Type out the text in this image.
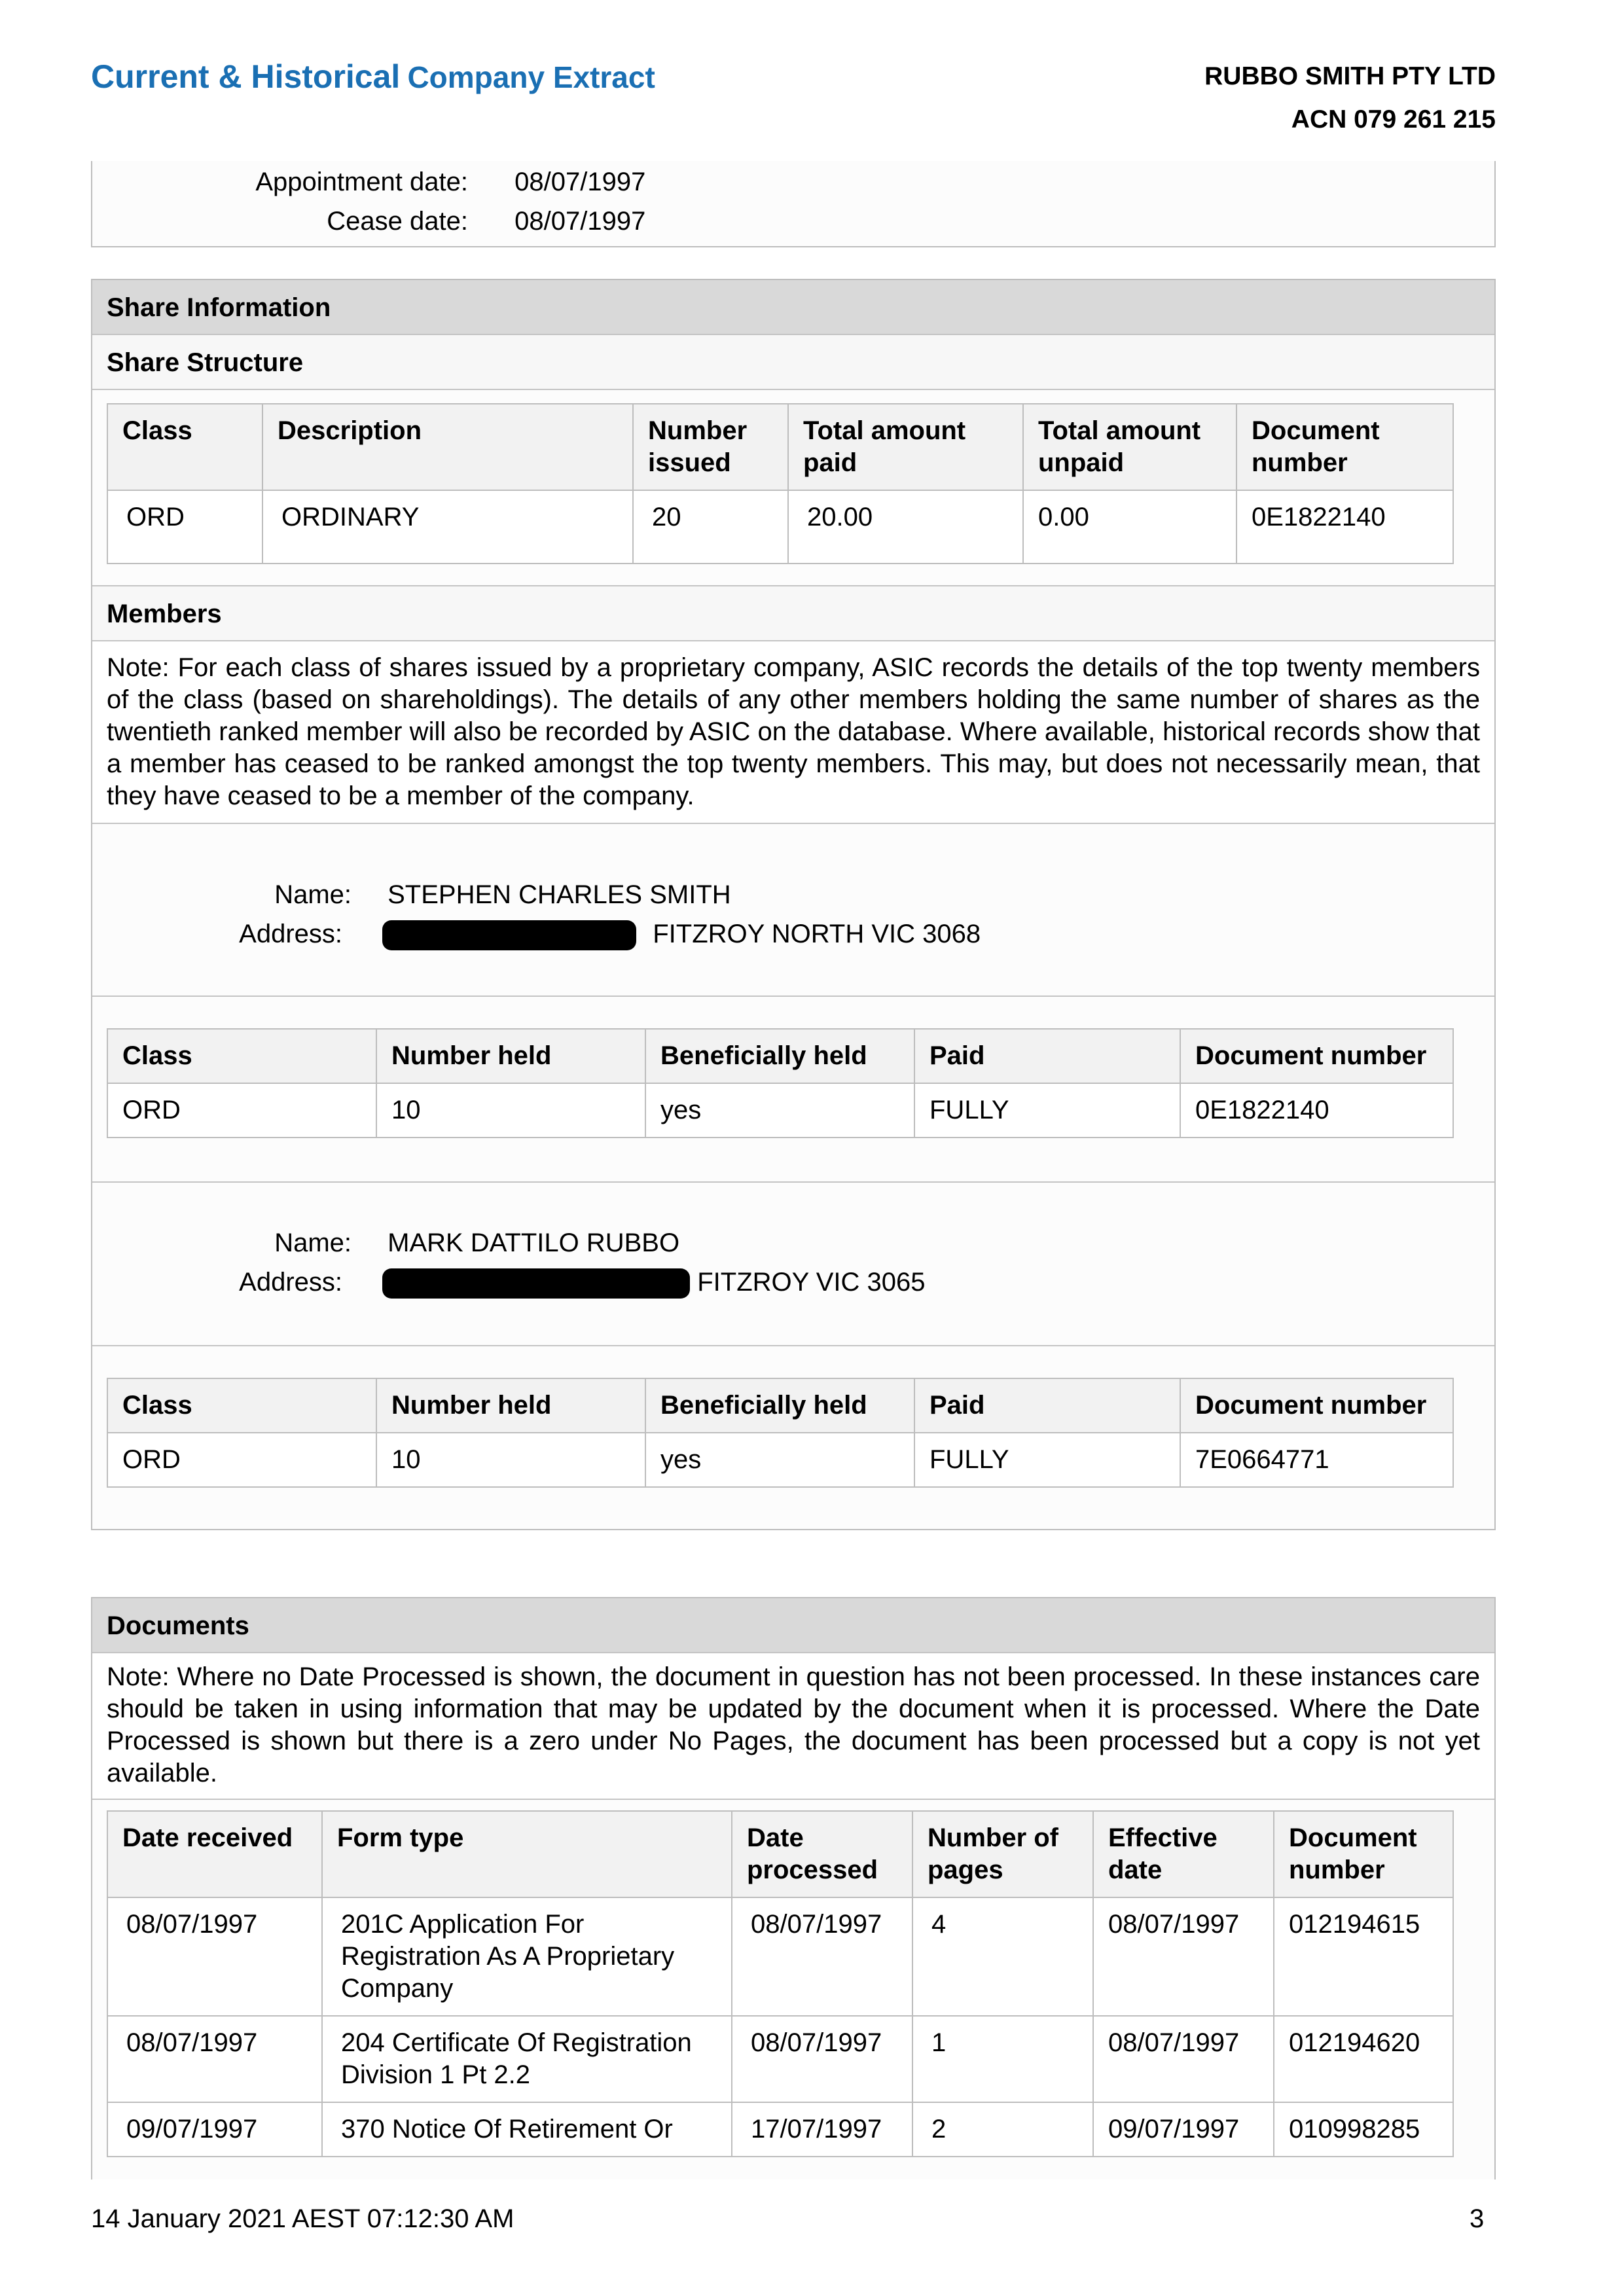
Current & Historical Company Extract	RUBBO SMITH PTY LTD
ACN 079 261 215
Appointment date: 08/07/1997
Cease date: 08/07/1997
Share Information
Share Structure
Class	Description	Number issued	Total amount paid	Total amount unpaid	Document number
ORD	ORDINARY	20	20.00	0.00	0E1822140
Members
Note: For each class of shares issued by a proprietary company, ASIC records the details of the top twenty members of the class (based on shareholdings). The details of any other members holding the same number of shares as the twentieth ranked member will also be recorded by ASIC on the database. Where available, historical records show that a member has ceased to be ranked amongst the top twenty members. This may, but does not necessarily mean, that they have ceased to be a member of the company.
Name: STEPHEN CHARLES SMITH
Address:	FITZROY NORTH VIC 3068
Class	Number held	Beneficially held	Paid	Document number
ORD	10	yes	FULLY	0E1822140
Name: MARK DATTILO RUBBO
Address:	FITZROY VIC 3065
Class	Number held	Beneficially held	Paid	Document number
ORD	10	yes	FULLY	7E0664771
Documents
Note: Where no Date Processed is shown, the document in question has not been processed. In these instances care should be taken in using information that may be updated by the document when it is processed. Where the Date Processed is shown but there is a zero under No Pages, the document has been processed but a copy is not yet available.
Date received	Form type	Date processed	Number of pages	Effective date	Document number
08/07/1997	201C Application For Registration As A Proprietary Company	08/07/1997	4	08/07/1997	012194615
08/07/1997	204 Certificate Of Registration Division 1 Pt 2.2	08/07/1997	1	08/07/1997	012194620
09/07/1997	370 Notice Of Retirement Or	17/07/1997	2	09/07/1997	010998285
14 January 2021 AEST 07:12:30 AM	3
